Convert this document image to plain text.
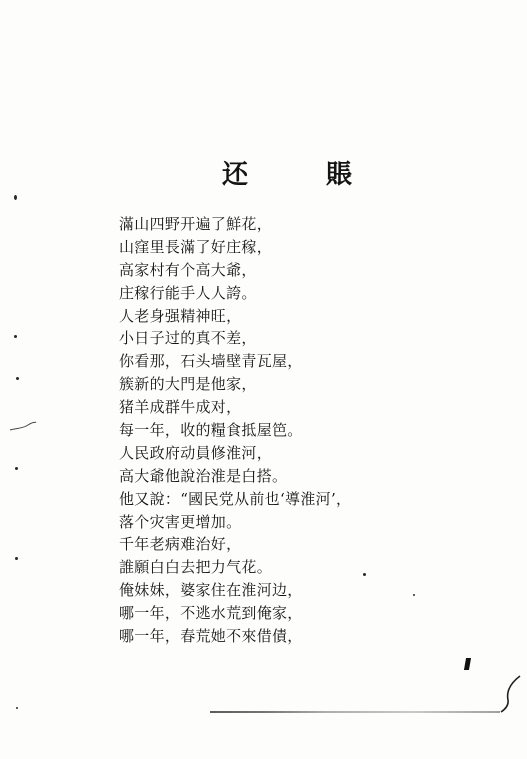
还	賬
滿山四野开遍了鮮花，
山窪里長滿了好庄稼，
高家村有个高大爺，
庄稼行能手人人誇。
人老身强精神旺，
小日子过的真不差，
你看那，石头墙壁青瓦屋，
簇新的大門是他家，
猪羊成群牛成对，
每一年，收的糧食抵屋笆。
人民政府动員修淮河，
高大爺他說治淮是白搭。
他又說：“國民党从前也‘導淮河’，
落个灾害更增加。
千年老病难治好，
誰願白白去把力气花。
俺妹妹，婆家住在淮河边，
哪一年，不逃水荒到俺家，
哪一年，春荒她不來借債，
